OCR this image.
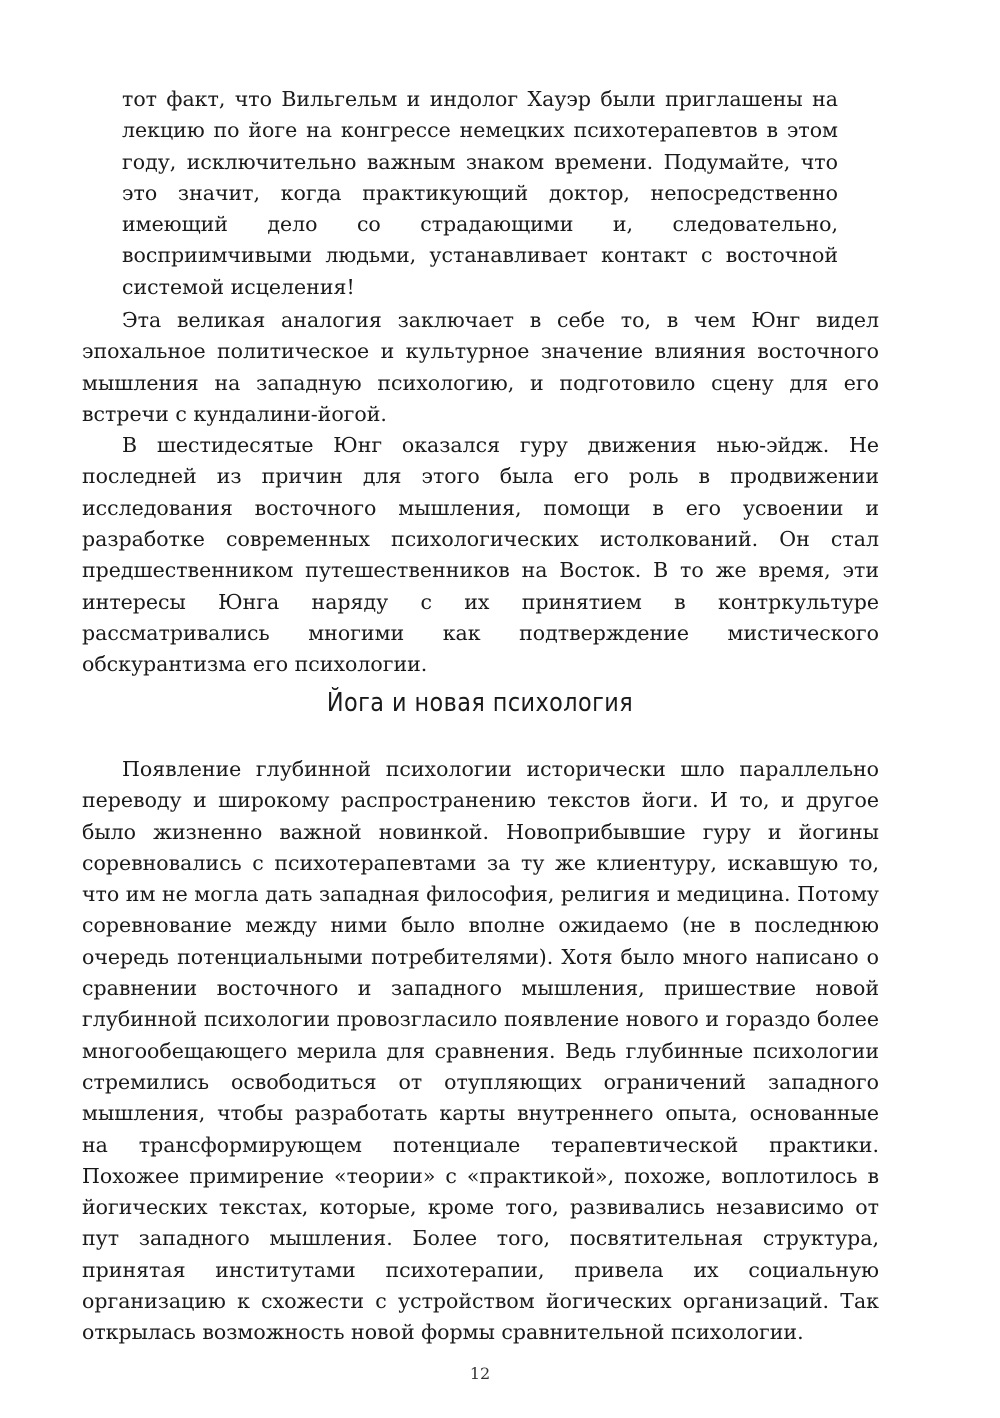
тот факт, что Вильгельм и индолог Хауэр были приглашены на лекцию по йоге на конгрессе немецких психотерапевтов в этом году, исключительно важным знаком времени. Подумайте, что это значит, когда практикующий доктор, непосредственно имеющий дело со страдающими и, следовательно, восприимчивыми людьми, устанавливает контакт с восточной системой исцеления!

Эта великая аналогия заключает в себе то, в чем Юнг видел эпохальное политическое и культурное значение влияния восточного мышления на западную психологию, и подготовило сцену для его встречи с кундалини-йогой.

В шестидесятые Юнг оказался гуру движения нью-эйдж. Не последней из причин для этого была его роль в продвижении исследования восточного мышления, помощи в его усвоении и разработке современных психологических истолкований. Он стал предшественником путешественников на Восток. В то же время, эти интересы Юнга наряду с их принятием в контркультуре рассматривались многими как подтверждение мистического обскурантизма его психологии.

Йога и новая психология

Появление глубинной психологии исторически шло параллельно переводу и широкому распространению текстов йоги. И то, и другое было жизненно важной новинкой. Новоприбывшие гуру и йогины соревновались с психотерапевтами за ту же клиентуру, искавшую то, что им не могла дать западная философия, религия и медицина. Потому соревнование между ними было вполне ожидаемо (не в последнюю очередь потенциальными потребителями). Хотя было много написано о сравнении восточного и западного мышления, пришествие новой глубинной психологии провозгласило появление нового и гораздо более многообещающего мерила для сравнения. Ведь глубинные психологии стремились освободиться от отупляющих ограничений западного мышления, чтобы разработать карты внутреннего опыта, основанные на трансформирующем потенциале терапевтической практики. Похожее примирение «теории» с «практикой», похоже, воплотилось в йогических текстах, которые, кроме того, развивались независимо от пут западного мышления. Более того, посвятительная структура, принятая институтами психотерапии, привела их социальную организацию к схожести с устройством йогических организаций. Так открылась возможность новой формы сравнительной психологии.

12
